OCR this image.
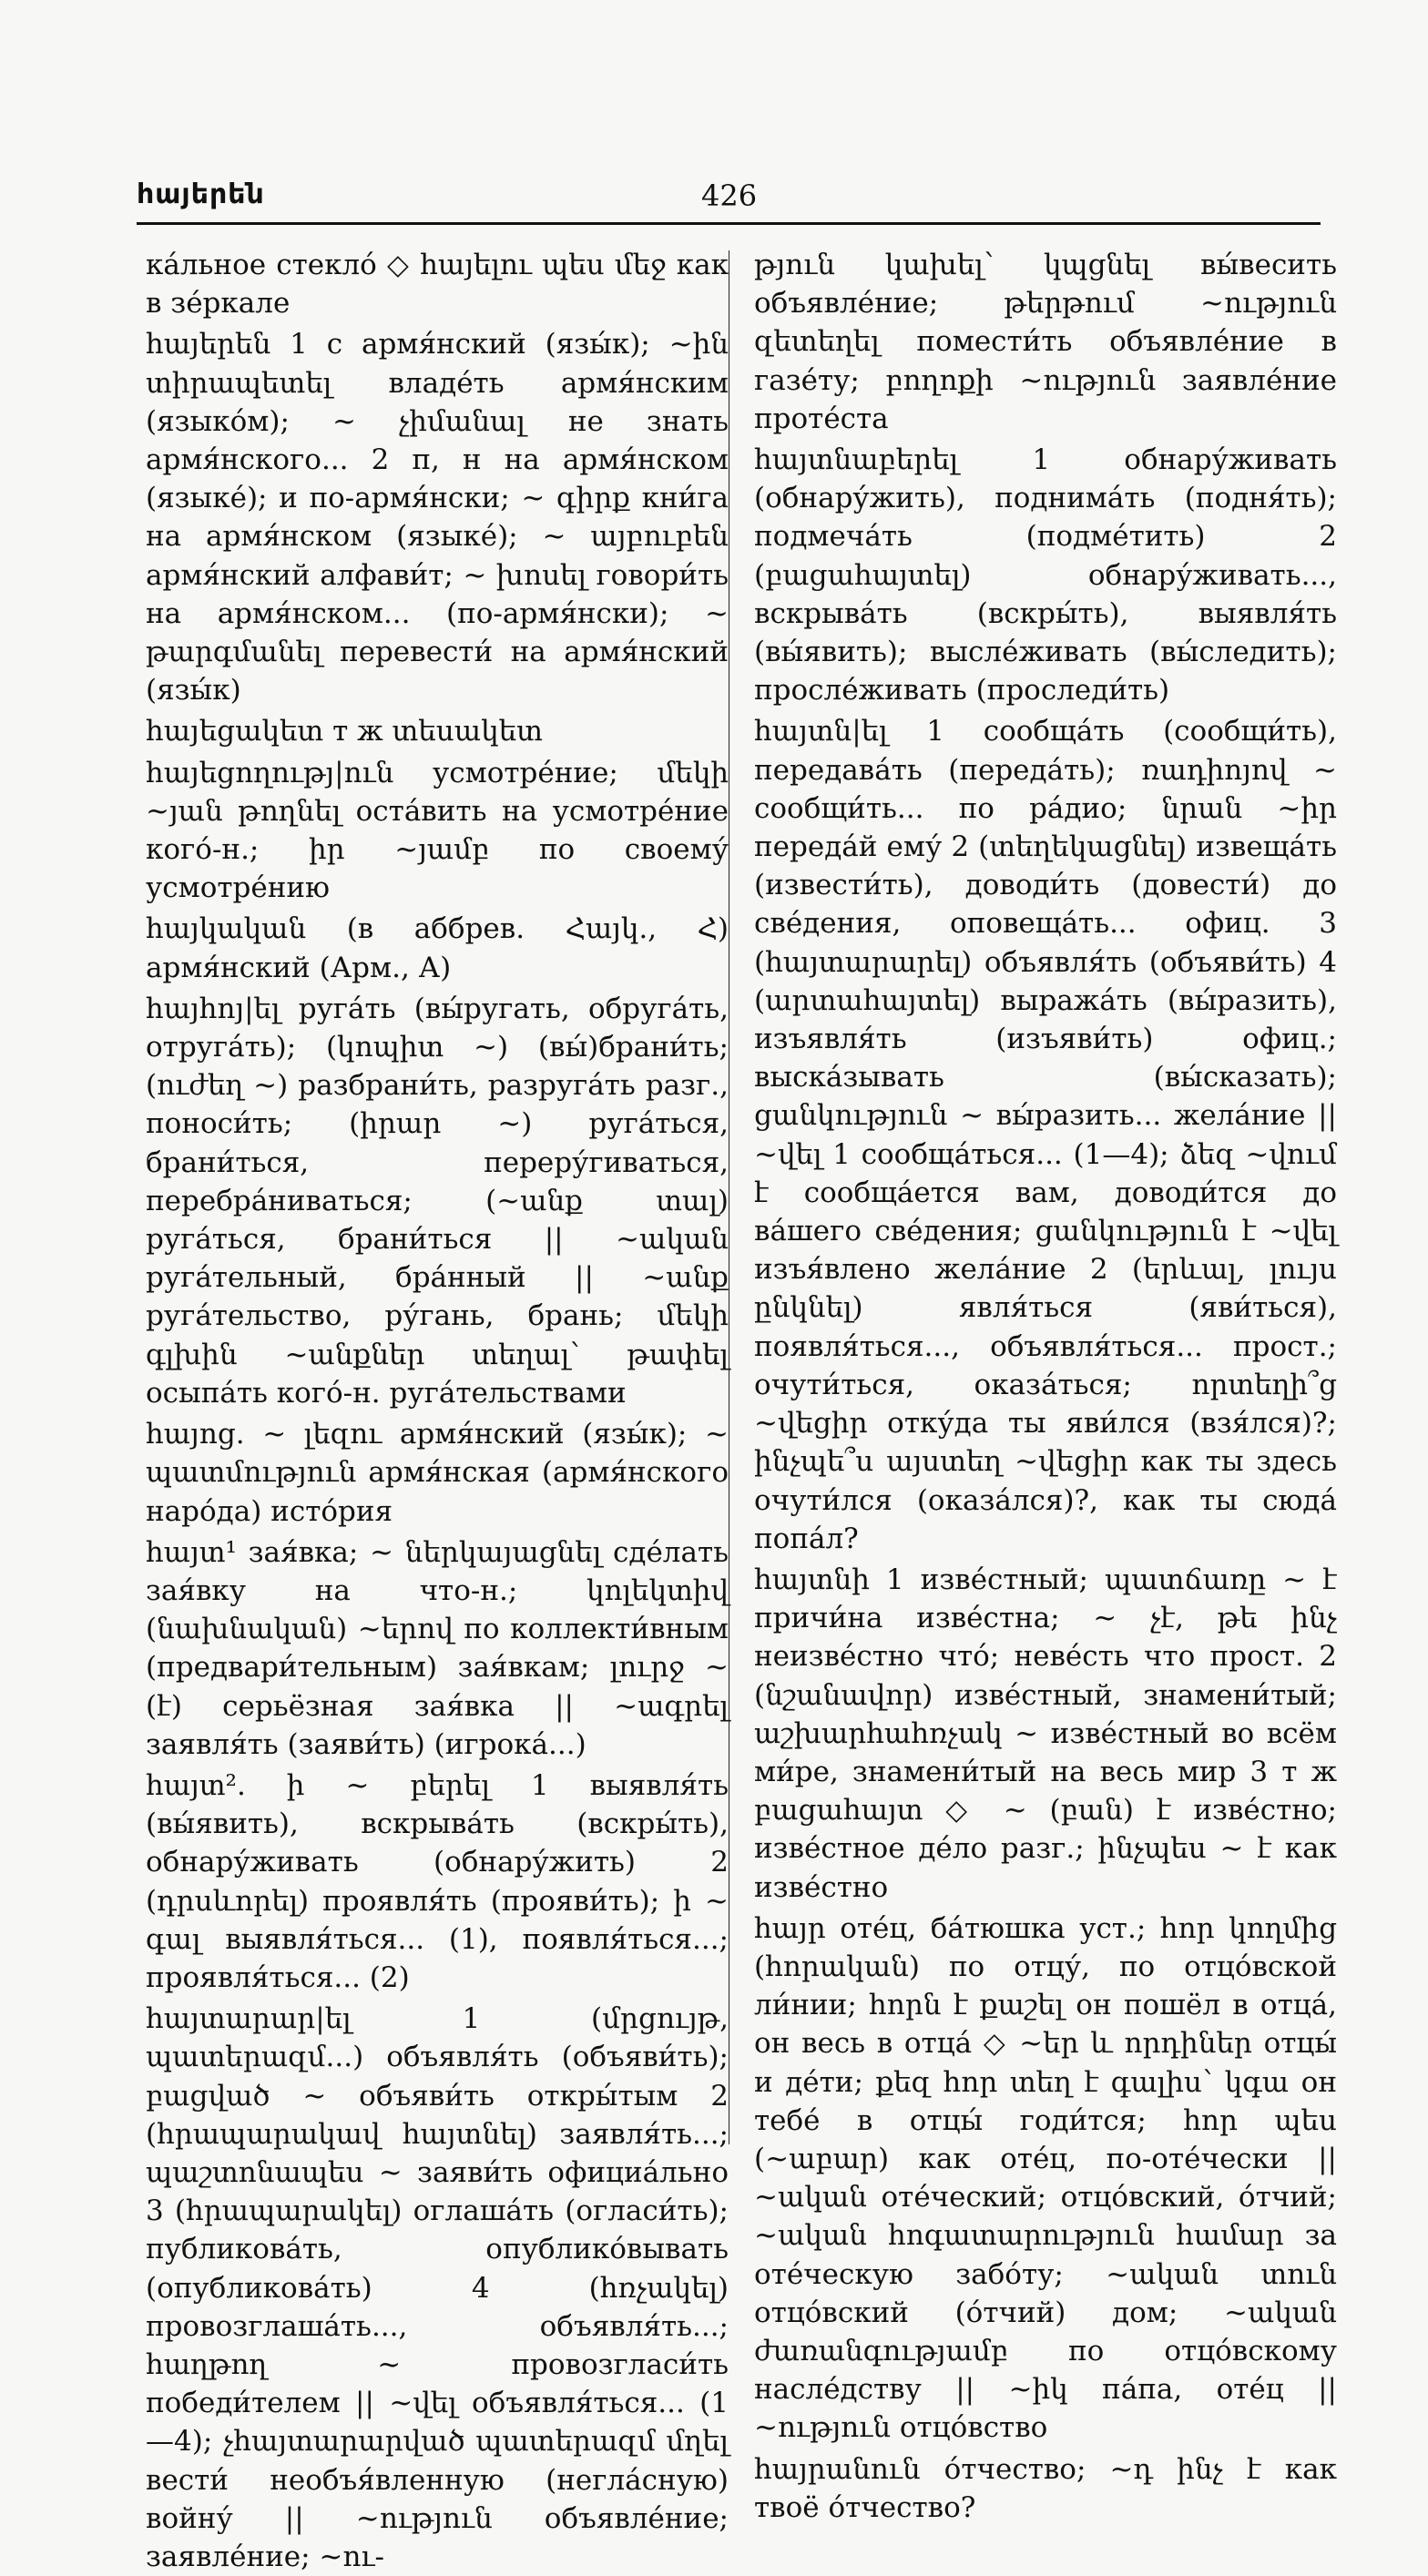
հայերեն	426

кáльное стекло́ ◇ ​հայելու պես մեջ как в зе́ркале

հայերեն 1 с армя́нский (язы́к); ~ին տիրապետել владе́ть армя́нским (языко́м); ~ չիմանալ не знать армя́нского... 2 п, н на армя́нском (языке́); и по-армя́нски; ~ գիրք кни́га на армя́нском (языке́); ~ այբուբեն армя́нский алфави́т; ~ խոսել говори́ть на армя́нском... (по-армя́нски); ~ թարգմանել перевести́ на армя́нский (язы́к)

հայեցակետ т ж տեսակետ

հայեցողությ|ուն усмотре́ние; մեկի ~յան թողնել оста́вить на усмотре́ние кого́-н.; իր ~յամբ по своему́ усмотре́нию

հայկական (в аббрев. Հայկ., Հ) армя́нский (Арм., А)

հայհոյ|ել руга́ть (вы́ругать, обруга́ть, отруга́ть); (կոպիտ ~) (вы́)брани́ть; (ուժեղ ~) разбрани́ть, разруга́ть разг., поноси́ть; (իրար ~) руга́ться, брани́ться, переру́гиваться, перебра́ниваться; (~անք տալ) руга́ться, брани́ться || ~ական руга́тельный, бра́нный || ~անք руга́тельство, ру́гань, брань; մեկի գլխին ~անքներ տեղալ՝ թափել осыпа́ть кого́-н. руга́тельствами

հայոց. ~ լեզու армя́нский (язы́к); ~ պատմություն армя́нская (армя́нского наро́да) исто́рия

հայտ¹ зая́вка; ~ ներկայացնել сде́лать зая́вку на что-н.; կոլեկտիվ (նախնական) ~երով по коллекти́вным (предвари́тельным) зая́вкам; լուրջ ~ (է) серьёзная зая́вка || ~ագրել заявля́ть (заяви́ть) (игрока́...)

հայտ². ի ~ բերել 1 выявля́ть (вы́явить), вскрыва́ть (вскры́ть), обнару́живать (обнару́жить) 2 (դրսևորել) проявля́ть (прояви́ть); ի ~ գալ выявля́ться... (1), появля́ться...; проявля́ться... (2)

հայտարար|ել 1 (մրցույթ, պատերազմ...) объявля́ть (объяви́ть); բացված ~ объяви́ть откры́тым 2 (հրապարակավ հայտնել) заявля́ть...; պաշտոնապես ~ заяви́ть официа́льно 3 (հրապարակել) оглаша́ть (огласи́ть); публикова́ть, опублико́вывать (опубликова́ть) 4 (հռչակել) провозглаша́ть..., объявля́ть...; հաղթող ~ провозгласи́ть победи́телем || ~վել объявля́ться... (1—4); չհայտարարված պատերազմ մղել вести́ необъя́вленную (негла́сную) войну́ || ~ություն объявле́ние; заявле́ние; ~ու-

թյուն կախել՝ կպցնել вы́весить объявле́ние; թերթում ~ություն զետեղել помести́ть объявле́ние в газе́ту; բողոքի ~ություն заявле́ние проте́ста

հայտնաբերել 1 обнару́живать (обнару́жить), поднима́ть (подня́ть); подмеча́ть (подме́тить) 2 (բացահայտել) обнару́живать..., вскрыва́ть (вскры́ть), выявля́ть (вы́явить); высле́живать (вы́следить); просле́живать (проследи́ть)

հայտն|ել 1 сообща́ть (сообщи́ть), передава́ть (переда́ть); ռադիոյով ~ сообщи́ть... по ра́дио; նրան ~իր переда́й ему́ 2 (տեղեկացնել) извеща́ть (извести́ть), доводи́ть (довести́) до све́дения, оповеща́ть... офиц. 3 (հայտարարել) объявля́ть (объяви́ть) 4 (արտահայտել) выража́ть (вы́разить), изъявля́ть (изъяви́ть) офиц.; выска́зывать (вы́сказать); ցանկություն ~ вы́разить... жела́ние || ~վել 1 сообща́ться... (1—4); ձեզ ~վում է сообща́ется вам, доводи́тся до ва́шего све́дения; ցանկություն է ~վել изъя́влено жела́ние 2 (երևալ, լույս ընկնել) явля́ться (яви́ться), появля́ться..., объявля́ться... прост.; очути́ться, оказа́ться; որտեղի՞ց ~վեցիր отку́да ты яви́лся (взя́лся)?; ինչպե՞ս այստեղ ~վեցիր как ты здесь очути́лся (оказа́лся)?, как ты сюда́ попа́л?

հայտնի 1 изве́стный; պատճառը ~ է причи́на изве́стна; ~ չէ, թե ինչ неизве́стно что́; неве́сть что прост. 2 (նշանավոր) изве́стный, знамени́тый; աշխարհահռչակ ~ изве́стный во всём ми́ре, знамени́тый на весь мир 3 т ж բացահայտ ◇ ~ (բան) է изве́стно; изве́стное де́ло разг.; ինչպես ~ է как изве́стно

հայր оте́ц, ба́тюшка уст.; հոր կողմից (հորական) по отцу́, по отцо́вской ли́нии; հորն է քաշել он пошёл в отца́, он весь в отца́ ◇ ~եր և որդիներ отцы́ и де́ти; քեզ հոր տեղ է գալիս՝ կգա он тебе́ в отцы́ годи́тся; հոր պես (~աբար) как оте́ц, по-оте́чески || ~ական оте́ческий; отцо́вский, о́тчий; ~ական հոգատարություն համար за оте́ческую забо́ту; ~ական տուն отцо́вский (о́тчий) дом; ~ական ժառանգությամբ по отцо́вскому насле́дству || ~իկ па́па, оте́ц || ~ություն отцо́вство

հայրանուն о́тчество; ~դ ինչ է как твоё о́тчество?
